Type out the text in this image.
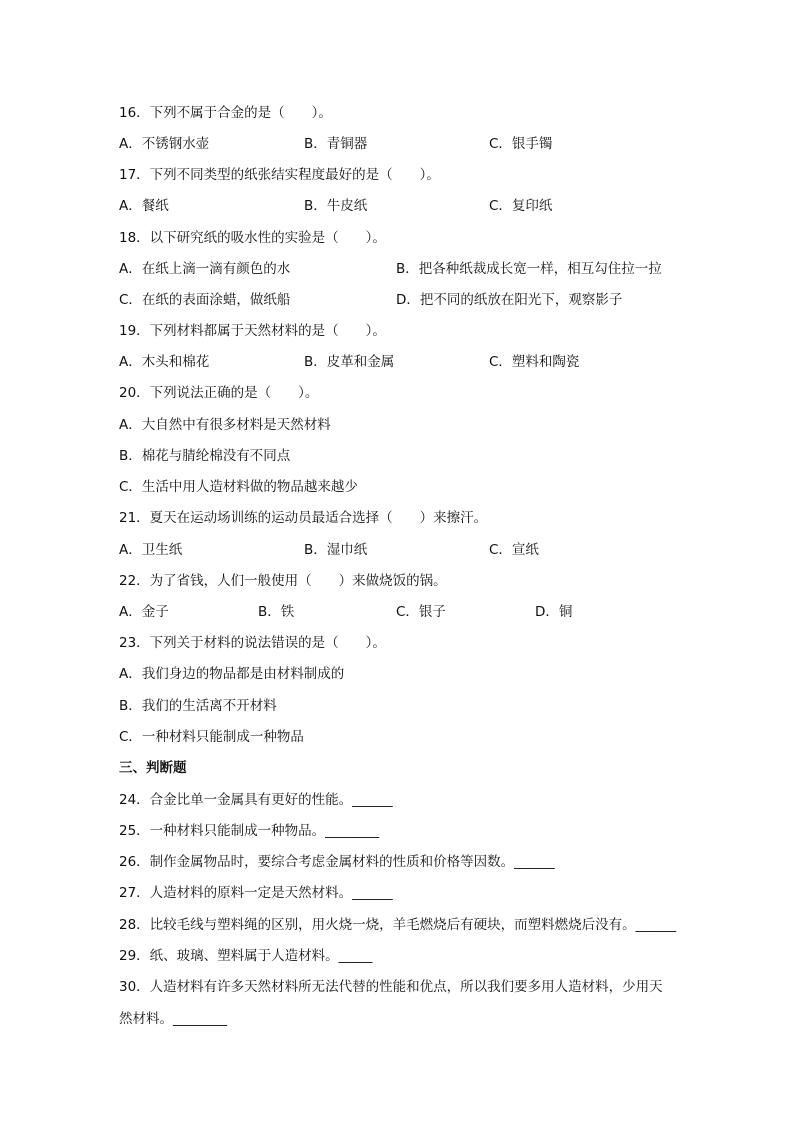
16．下列不属于合金的是（　　）。
A．不锈钢水壶	B．青铜器	C．银手镯
17．下列不同类型的纸张结实程度最好的是（　　）。
A．餐纸	B．牛皮纸	C．复印纸
18．以下研究纸的吸水性的实验是（　　）。
A．在纸上滴一滴有颜色的水	B．把各种纸裁成长宽一样，相互勾住拉一拉
C．在纸的表面涂蜡，做纸船	D．把不同的纸放在阳光下，观察影子
19．下列材料都属于天然材料的是（　　）。
A．木头和棉花	B．皮革和金属	C．塑料和陶瓷
20．下列说法正确的是（　　）。
A．大自然中有很多材料是天然材料
B．棉花与腈纶棉没有不同点
C．生活中用人造材料做的物品越来越少
21．夏天在运动场训练的运动员最适合选择（　　）来擦汗。
A．卫生纸	B．湿巾纸	C．宣纸
22．为了省钱，人们一般使用（　　）来做烧饭的锅。
A．金子	B．铁	C．银子	D．铜
23．下列关于材料的说法错误的是（　　）。
A．我们身边的物品都是由材料制成的
B．我们的生活离不开材料
C．一种材料只能制成一种物品
三、判断题
24．合金比单一金属具有更好的性能。______
25．一种材料只能制成一种物品。________
26．制作金属物品时，要综合考虑金属材料的性质和价格等因数。______
27．人造材料的原料一定是天然材料。______
28．比较毛线与塑料绳的区别，用火烧一烧，羊毛燃烧后有硬块，而塑料燃烧后没有。______
29．纸、玻璃、塑料属于人造材料。_____
30．人造材料有许多天然材料所无法代替的性能和优点，所以我们要多用人造材料，少用天
然材料。________
